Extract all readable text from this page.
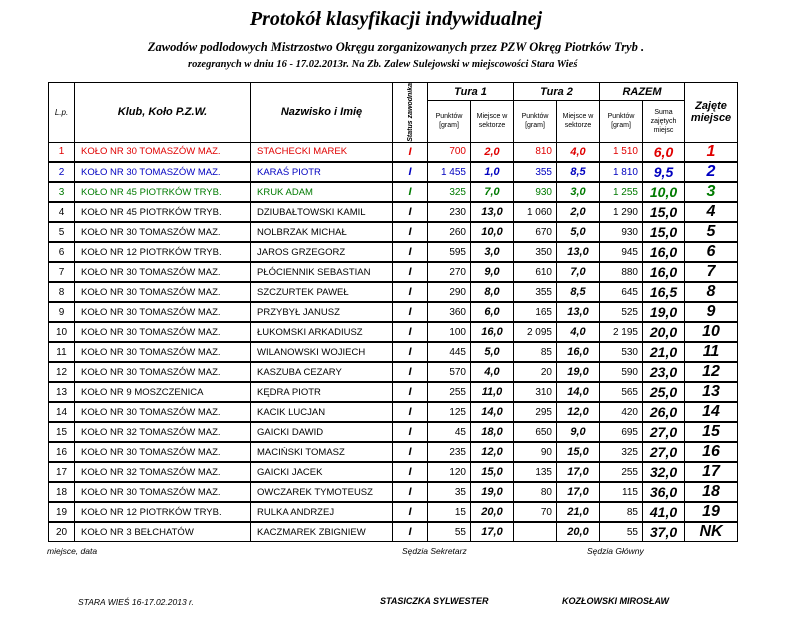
Protokół klasyfikacji indywidualnej
Zawodów podlodowych Mistrzostwo Okręgu zorganizowanych przez PZW Okręg Piotrków Tryb .
rozegranych w dniu 16 - 17.02.2013r. Na Zb. Zalew Sulejowski w miejscowości Stara Wieś
L.p.	Klub, Koło P.Z.W.	Nazwisko i Imię	Status zawodnika	Tura 1		Tura 2		RAZEM		Zajęte miejsce
				Punktów [gram]	Miejsce w sektorze	Punktów [gram]	Miejsce w sektorze	Punktów [gram]	Suma zajętych miejsc	
1	KOŁO NR 30 TOMASZÓW MAZ.	STACHECKI MAREK	I	700	2,0	810	4,0	1 510	6,0	1
2	KOŁO NR 30 TOMASZÓW MAZ.	KARAŚ PIOTR	I	1 455	1,0	355	8,5	1 810	9,5	2
3	KOŁO NR 45 PIOTRKÓW TRYB.	KRUK ADAM	I	325	7,0	930	3,0	1 255	10,0	3
4	KOŁO NR 45 PIOTRKÓW TRYB.	DZIUBAŁTOWSKI KAMIL	I	230	13,0	1 060	2,0	1 290	15,0	4
5	KOŁO NR 30 TOMASZÓW MAZ.	NOLBRZAK MICHAŁ	I	260	10,0	670	5,0	930	15,0	5
6	KOŁO NR 12 PIOTRKÓW TRYB.	JAROS GRZEGORZ	I	595	3,0	350	13,0	945	16,0	6
7	KOŁO NR 30 TOMASZÓW MAZ.	PŁÓCIENNIK SEBASTIAN	I	270	9,0	610	7,0	880	16,0	7
8	KOŁO NR 30 TOMASZÓW MAZ.	SZCZURTEK PAWEŁ	I	290	8,0	355	8,5	645	16,5	8
9	KOŁO NR 30 TOMASZÓW MAZ.	PRZYBYŁ JANUSZ	I	360	6,0	165	13,0	525	19,0	9
10	KOŁO NR 30 TOMASZÓW MAZ.	ŁUKOMSKI ARKADIUSZ	I	100	16,0	2 095	4,0	2 195	20,0	10
11	KOŁO NR 30 TOMASZÓW MAZ.	WILANOWSKI WOJIECH	I	445	5,0	85	16,0	530	21,0	11
12	KOŁO NR 30 TOMASZÓW MAZ.	KASZUBA CEZARY	I	570	4,0	20	19,0	590	23,0	12
13	KOŁO NR 9 MOSZCZENICA	KĘDRA PIOTR	I	255	11,0	310	14,0	565	25,0	13
14	KOŁO NR 30 TOMASZÓW MAZ.	KACIK LUCJAN	I	125	14,0	295	12,0	420	26,0	14
15	KOŁO NR 32 TOMASZÓW MAZ.	GAICKI DAWID	I	45	18,0	650	9,0	695	27,0	15
16	KOŁO NR 30 TOMASZÓW MAZ.	MACIŃSKI TOMASZ	I	235	12,0	90	15,0	325	27,0	16
17	KOŁO NR 32 TOMASZÓW MAZ.	GAICKI JACEK	I	120	15,0	135	17,0	255	32,0	17
18	KOŁO NR 30 TOMASZÓW MAZ.	OWCZAREK TYMOTEUSZ	I	35	19,0	80	17,0	115	36,0	18
19	KOŁO NR 12 PIOTRKÓW TRYB.	RULKA ANDRZEJ	I	15	20,0	70	21,0	85	41,0	19
20	KOŁO NR 3 BEŁCHATÓW	KACZMAREK ZBIGNIEW	I	55	17,0		20,0	55	37,0	NK
miejsce, data	Sędzia Sekretarz	Sędzia Główny
STARA WIEŚ 16-17.02.2013 r.	STASICZKA SYLWESTER	KOZŁOWSKI MIROSŁAW
